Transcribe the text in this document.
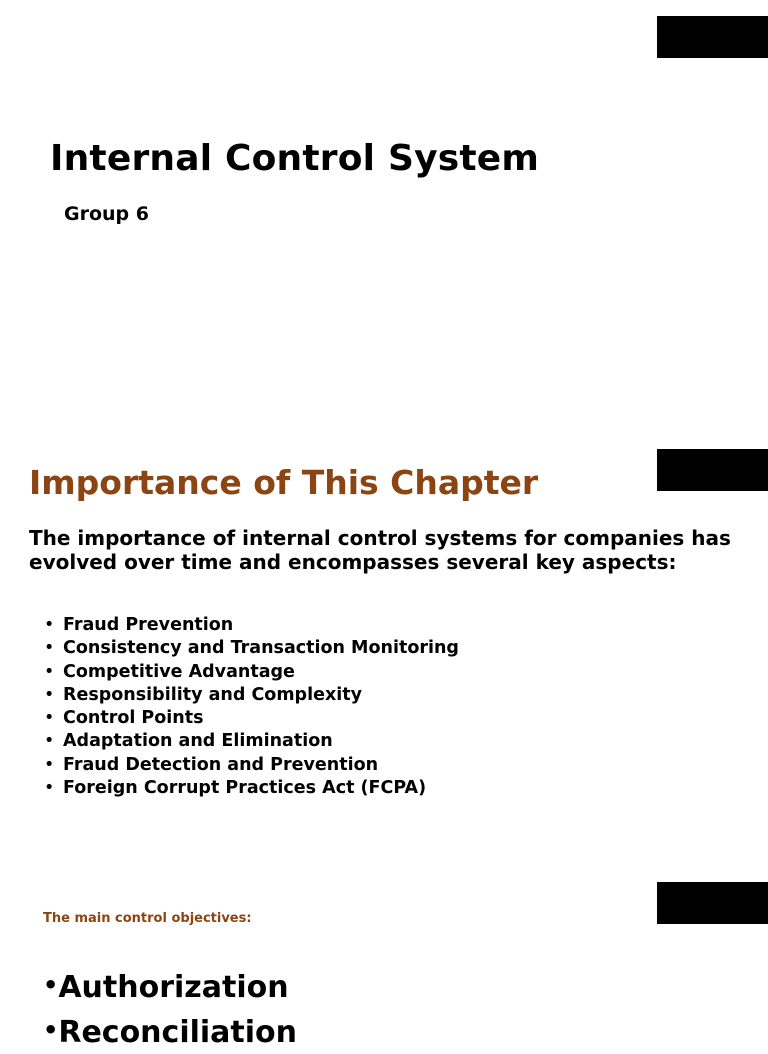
Internal Control System

Group 6

Importance of This Chapter

The importance of internal control systems for companies has evolved over time and encompasses several key aspects:

• Fraud Prevention
• Consistency and Transaction Monitoring
• Competitive Advantage
• Responsibility and Complexity
• Control Points
• Adaptation and Elimination
• Fraud Detection and Prevention
• Foreign Corrupt Practices Act (FCPA)

The main control objectives:

•Authorization
•Reconciliation
